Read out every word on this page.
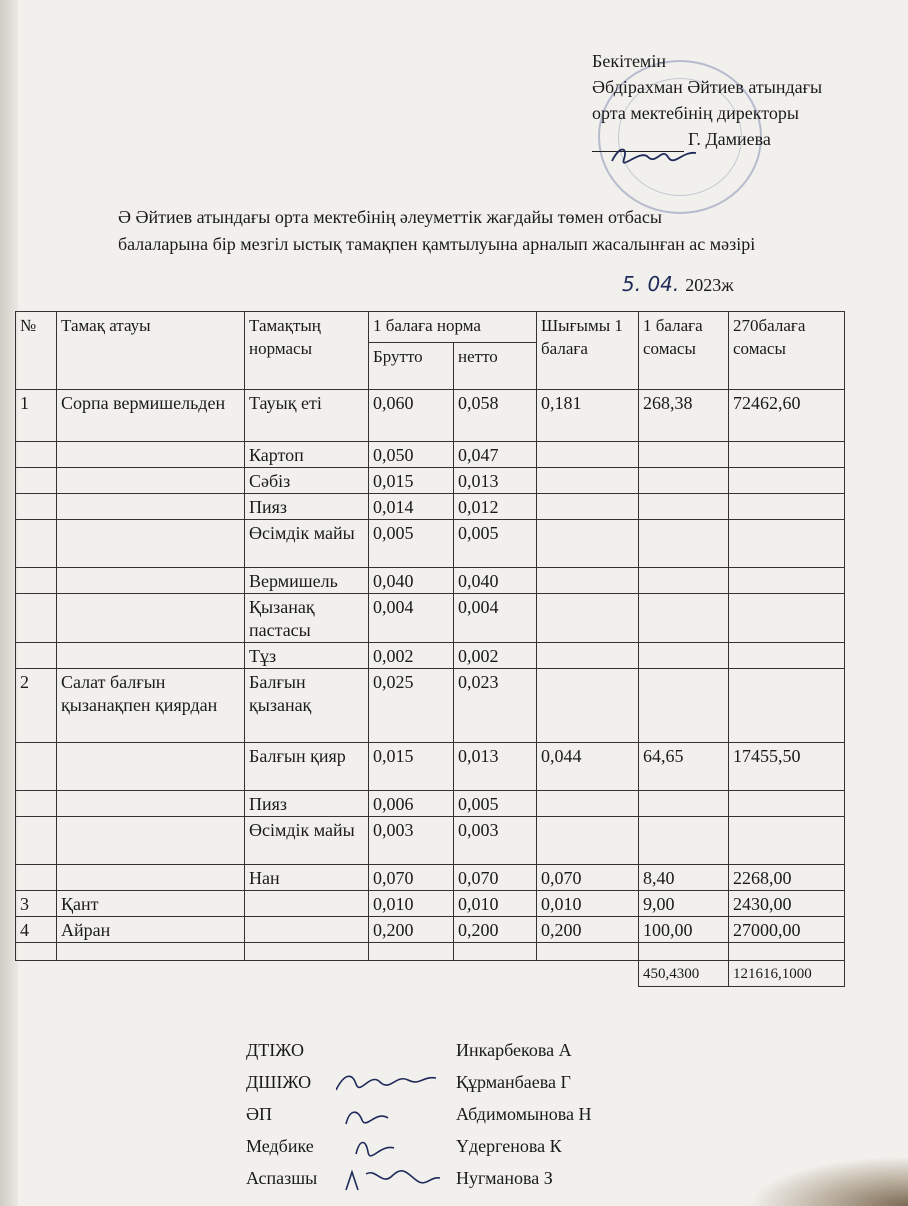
Бекітемін
Әбдірахман Әйтиев атындағы
орта мектебінің директоры
Г. Дамиева
Ә Әйтиев атындағы орта мектебінің әлеуметтік жағдайы төмен отбасы
балаларына бір мезгіл ыстық тамақпен қамтылуына арналып жасалынған ас мәзірі
5. 04. 2023ж
№	Тамақ атауы	Тамақтың нормасы	1 балаға норма		Шығымы 1 балаға	1 балаға сомасы	270балаға сомасы
			Брутто	нетто			
1	Сорпа вермишельден	Тауық еті	0,060	0,058	0,181	268,38	72462,60
		Картоп	0,050	0,047			
		Сәбіз	0,015	0,013			
		Пияз	0,014	0,012			
		Өсімдік майы	0,005	0,005			
		Вермишель	0,040	0,040			
		Қызанақ пастасы	0,004	0,004			
		Тұз	0,002	0,002			
2	Салат балғын қызанақпен қиярдан	Балғын қызанақ	0,025	0,023			
		Балғын қияр	0,015	0,013	0,044	64,65	17455,50
		Пияз	0,006	0,005			
		Өсімдік майы	0,003	0,003			
		Нан	0,070	0,070	0,070	8,40	2268,00
3	Қант		0,010	0,010	0,010	9,00	2430,00
4	Айран		0,200	0,200	0,200	100,00	27000,00

						450,4300	121616,1000
ДТІЖО	Инкарбекова А
ДШІЖО	Құрманбаева Г
ӘП	Абдимомынова Н
Медбике	Үдергенова К
Аспазшы	Нугманова З
